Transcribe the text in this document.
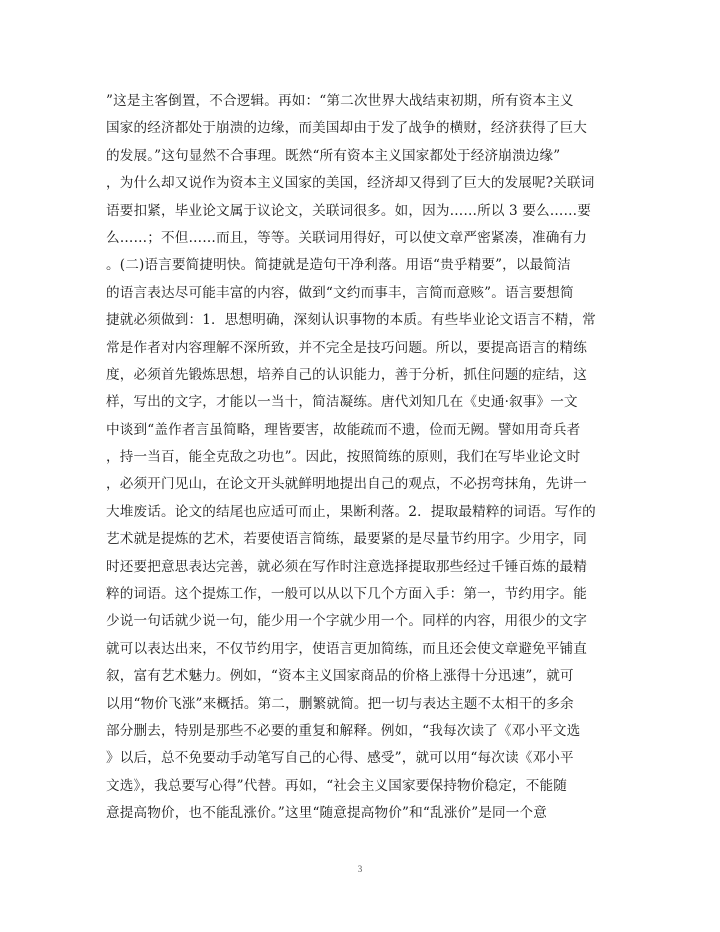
”这是主客倒置，不合逻辑。再如：“第二次世界大战结束初期，所有资本主义
国家的经济都处于崩溃的边缘，而美国却由于发了战争的横财，经济获得了巨大
的发展。”这句显然不合事理。既然“所有资本主义国家都处于经济崩溃边缘”
，为什么却又说作为资本主义国家的美国，经济却又得到了巨大的发展呢?关联词
语要扣紧，毕业论文属于议论文，关联词很多。如，因为……所以 3 要么……要
么……；不但……而且，等等。关联词用得好，可以使文章严密紧凑，准确有力
。(二)语言要简捷明快。简捷就是造句干净利落。用语“贵乎精要”，以最简洁
的语言表达尽可能丰富的内容，做到“文约而事丰，言简而意赅”。语言要想简
捷就必须做到：1．思想明确，深刻认识事物的本质。有些毕业论文语言不精，常
常是作者对内容理解不深所致，并不完全是技巧问题。所以，要提高语言的精练
度，必须首先锻炼思想，培养自己的认识能力，善于分析，抓住问题的症结，这
样，写出的文字，才能以一当十，简洁凝练。唐代刘知几在《史通·叙事》一文
中谈到“盖作者言虽简略，理皆要害，故能疏而不遗，俭而无阙。譬如用奇兵者
，持一当百，能全克敌之功也”。因此，按照简练的原则，我们在写毕业论文时
，必须开门见山，在论文开头就鲜明地提出自己的观点，不必拐弯抹角，先讲一
大堆废话。论文的结尾也应适可而止，果断利落。2．提取最精粹的词语。写作的
艺术就是提炼的艺术，若要使语言简练，最要紧的是尽量节约用字。少用字，同
时还要把意思表达完善，就必须在写作时注意选择提取那些经过千锤百炼的最精
粹的词语。这个提炼工作，一般可以从以下几个方面入手：第一，节约用字。能
少说一句话就少说一句，能少用一个字就少用一个。同样的内容，用很少的文字
就可以表达出来，不仅节约用字，使语言更加简练，而且还会使文章避免平铺直
叙，富有艺术魅力。例如，“资本主义国家商品的价格上涨得十分迅速”，就可
以用“物价飞涨”来概括。第二，删繁就简。把一切与表达主题不太相干的多余
部分删去，特别是那些不必要的重复和解释。例如，“我每次读了《邓小平文选
》以后，总不免要动手动笔写自己的心得、感受”，就可以用“每次读《邓小平
文选》，我总要写心得”代替。再如，“社会主义国家要保持物价稳定，不能随
意提高物价，也不能乱涨价。”这里“随意提高物价”和“乱涨价”是同一个意
3
